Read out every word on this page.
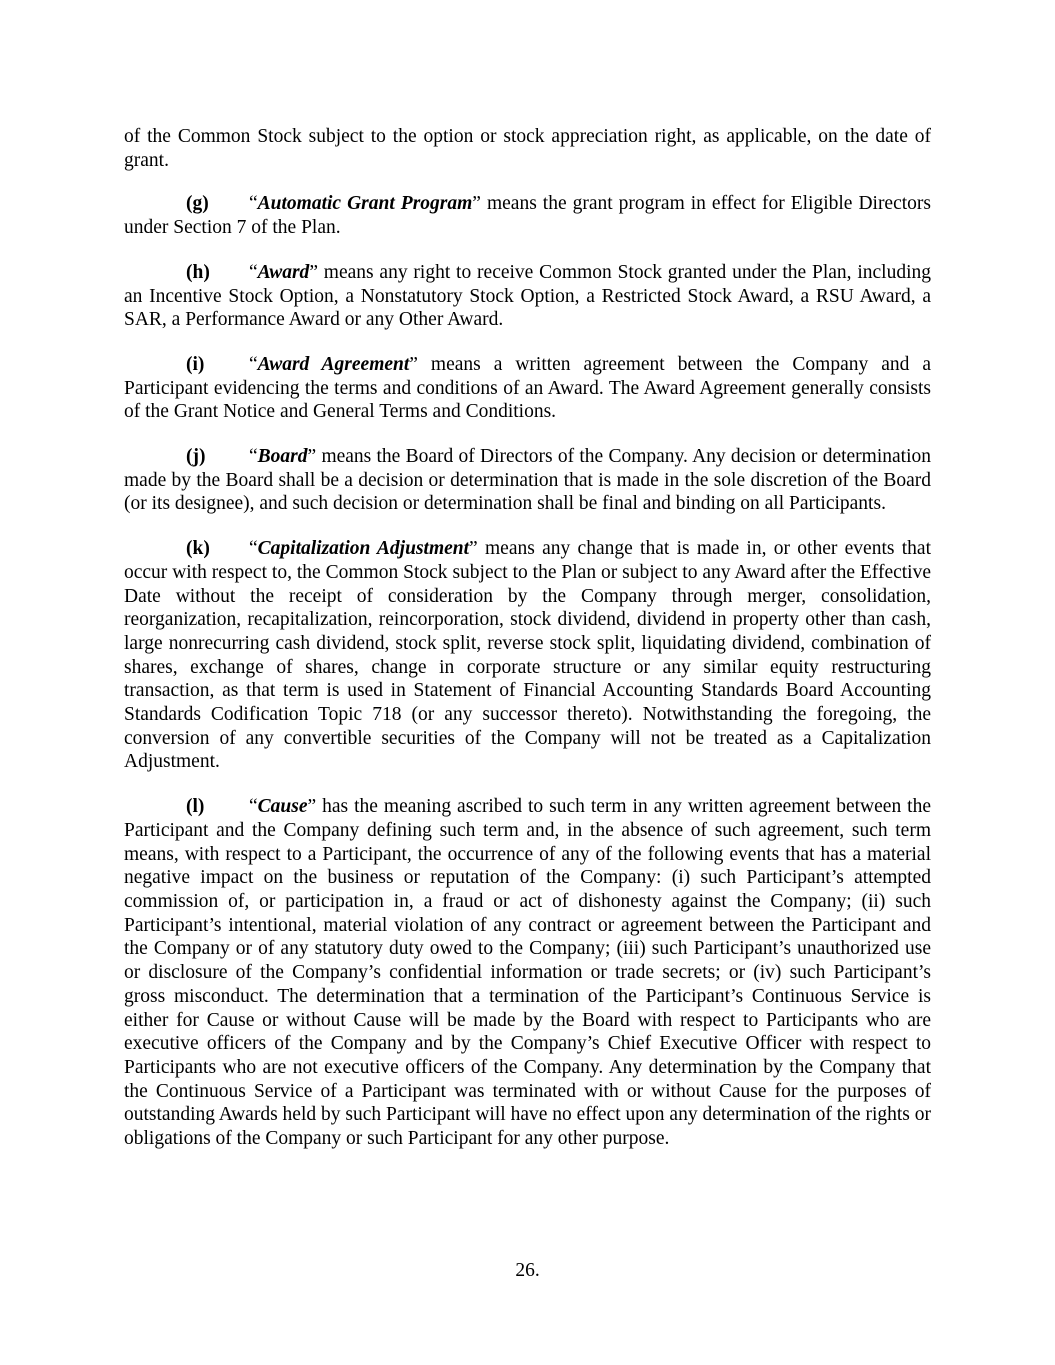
of the Common Stock subject to the option or stock appreciation right, as applicable, on the date of grant.

(g) “Automatic Grant Program” means the grant program in effect for Eligible Directors under Section 7 of the Plan.

(h) “Award” means any right to receive Common Stock granted under the Plan, including an Incentive Stock Option, a Nonstatutory Stock Option, a Restricted Stock Award, a RSU Award, a SAR, a Performance Award or any Other Award.

(i) “Award Agreement” means a written agreement between the Company and a Participant evidencing the terms and conditions of an Award. The Award Agreement generally consists of the Grant Notice and General Terms and Conditions.

(j) “Board” means the Board of Directors of the Company. Any decision or determination made by the Board shall be a decision or determination that is made in the sole discretion of the Board (or its designee), and such decision or determination shall be final and binding on all Participants.

(k) “Capitalization Adjustment” means any change that is made in, or other events that occur with respect to, the Common Stock subject to the Plan or subject to any Award after the Effective Date without the receipt of consideration by the Company through merger, consolidation, reorganization, recapitalization, reincorporation, stock dividend, dividend in property other than cash, large nonrecurring cash dividend, stock split, reverse stock split, liquidating dividend, combination of shares, exchange of shares, change in corporate structure or any similar equity restructuring transaction, as that term is used in Statement of Financial Accounting Standards Board Accounting Standards Codification Topic 718 (or any successor thereto). Notwithstanding the foregoing, the conversion of any convertible securities of the Company will not be treated as a Capitalization Adjustment.

(l) “Cause” has the meaning ascribed to such term in any written agreement between the Participant and the Company defining such term and, in the absence of such agreement, such term means, with respect to a Participant, the occurrence of any of the following events that has a material negative impact on the business or reputation of the Company: (i) such Participant’s attempted commission of, or participation in, a fraud or act of dishonesty against the Company; (ii) such Participant’s intentional, material violation of any contract or agreement between the Participant and the Company or of any statutory duty owed to the Company; (iii) such Participant’s unauthorized use or disclosure of the Company’s confidential information or trade secrets; or (iv) such Participant’s gross misconduct. The determination that a termination of the Participant’s Continuous Service is either for Cause or without Cause will be made by the Board with respect to Participants who are executive officers of the Company and by the Company’s Chief Executive Officer with respect to Participants who are not executive officers of the Company. Any determination by the Company that the Continuous Service of a Participant was terminated with or without Cause for the purposes of outstanding Awards held by such Participant will have no effect upon any determination of the rights or obligations of the Company or such Participant for any other purpose.

26.
